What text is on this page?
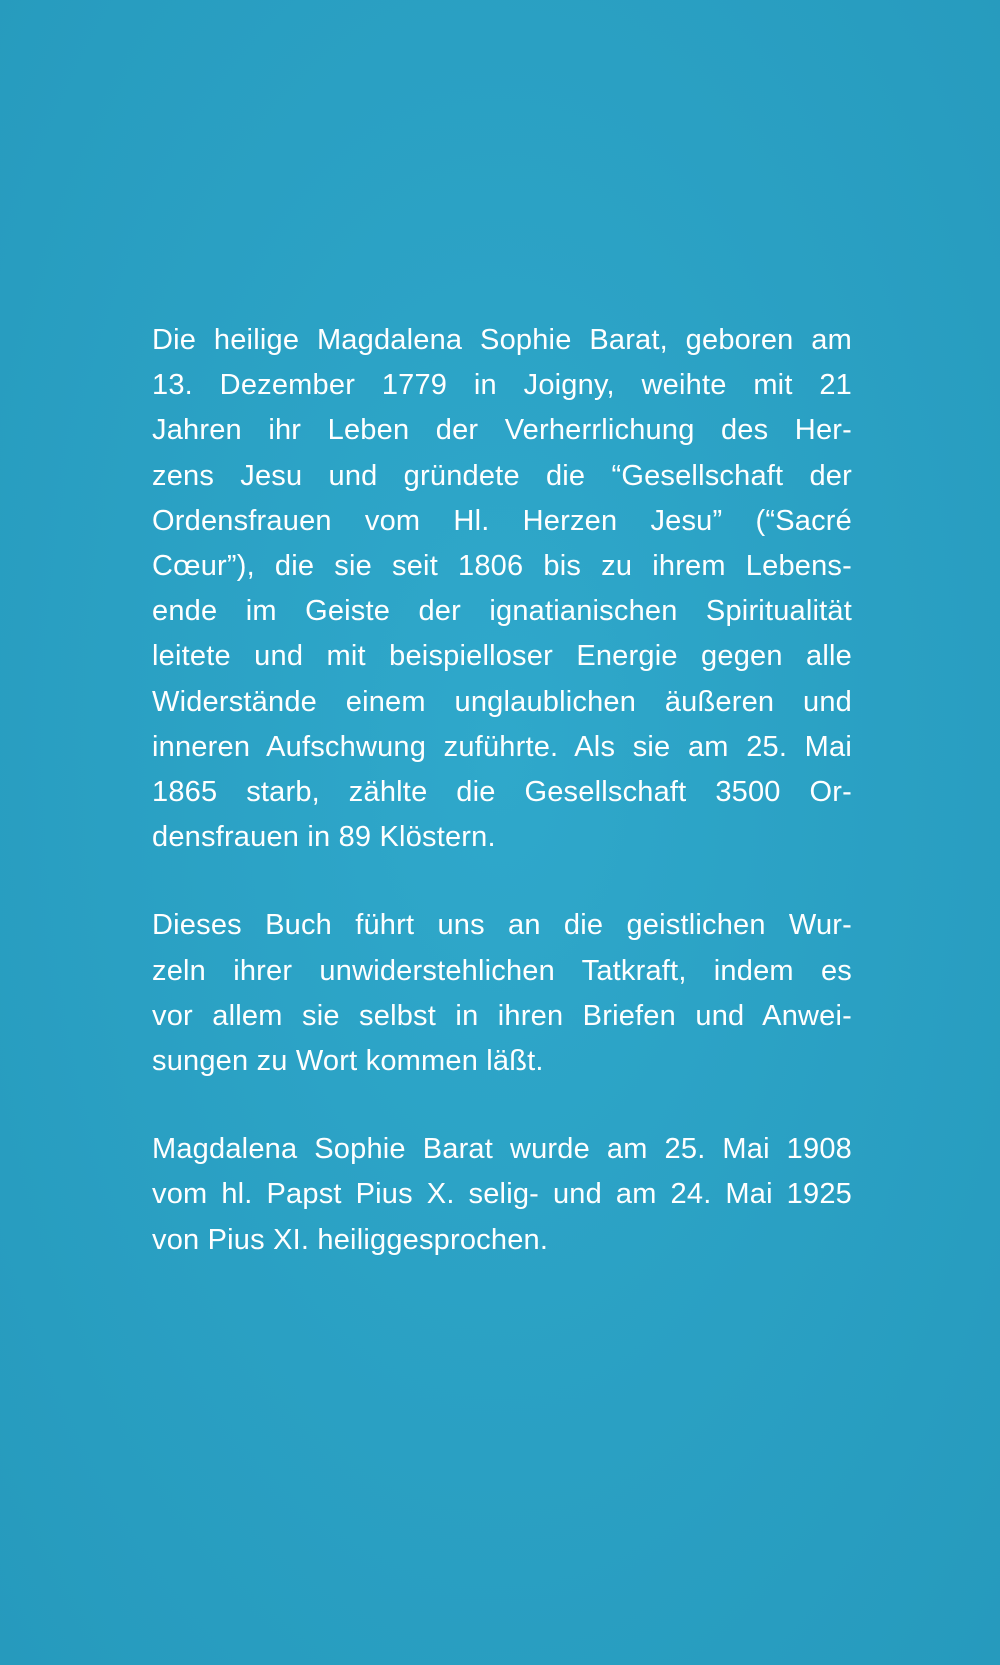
Die heilige Magdalena Sophie Barat, geboren am
13. Dezember 1779 in Joigny, weihte mit 21
Jahren ihr Leben der Verherrlichung des Her-
zens Jesu und gründete die “Gesellschaft der
Ordensfrauen vom Hl. Herzen Jesu” (“Sacré
Cœur”), die sie seit 1806 bis zu ihrem Lebens-
ende im Geiste der ignatianischen Spiritualität
leitete und mit beispielloser Energie gegen alle
Widerstände einem unglaublichen äußeren und
inneren Aufschwung zuführte. Als sie am 25. Mai
1865 starb, zählte die Gesellschaft 3500 Or-
densfrauen in 89 Klöstern.

Dieses Buch führt uns an die geistlichen Wur-
zeln ihrer unwiderstehlichen Tatkraft, indem es
vor allem sie selbst in ihren Briefen und Anwei-
sungen zu Wort kommen läßt.

Magdalena Sophie Barat wurde am 25. Mai 1908
vom hl. Papst Pius X. selig- und am 24. Mai 1925
von Pius XI. heiliggesprochen.
